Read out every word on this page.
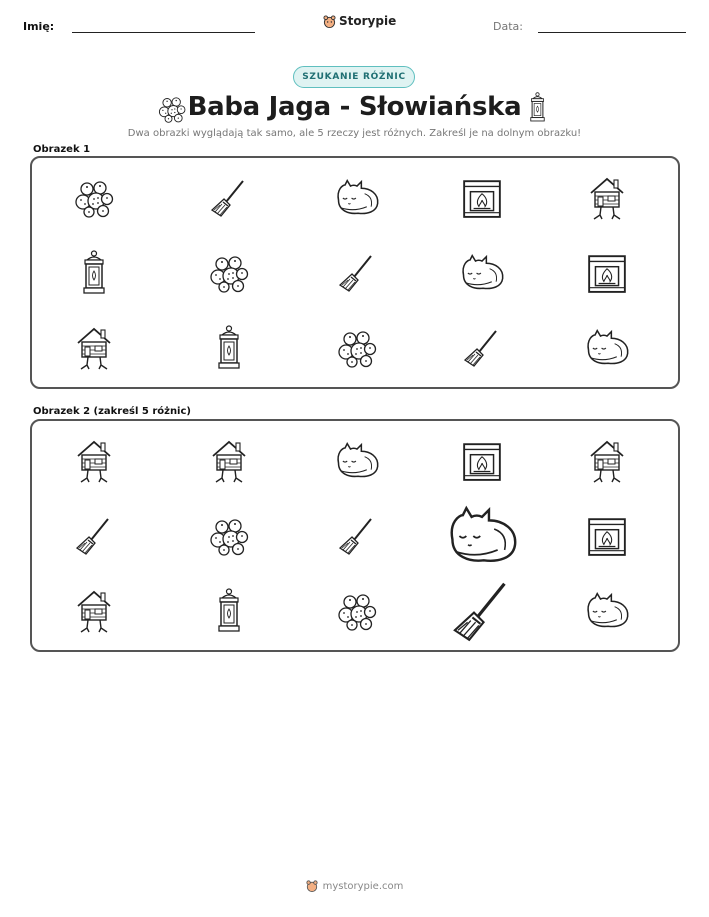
Imię:	Storypie	Data:
SZUKANIE RÓŻNIC
Baba Jaga - Słowiańska
Dwa obrazki wyglądają tak samo, ale 5 rzeczy jest różnych. Zakreśl je na dolnym obrazku!
Obrazek 1
Obrazek 2 (zakreśl 5 różnic)
mystorypie.com
